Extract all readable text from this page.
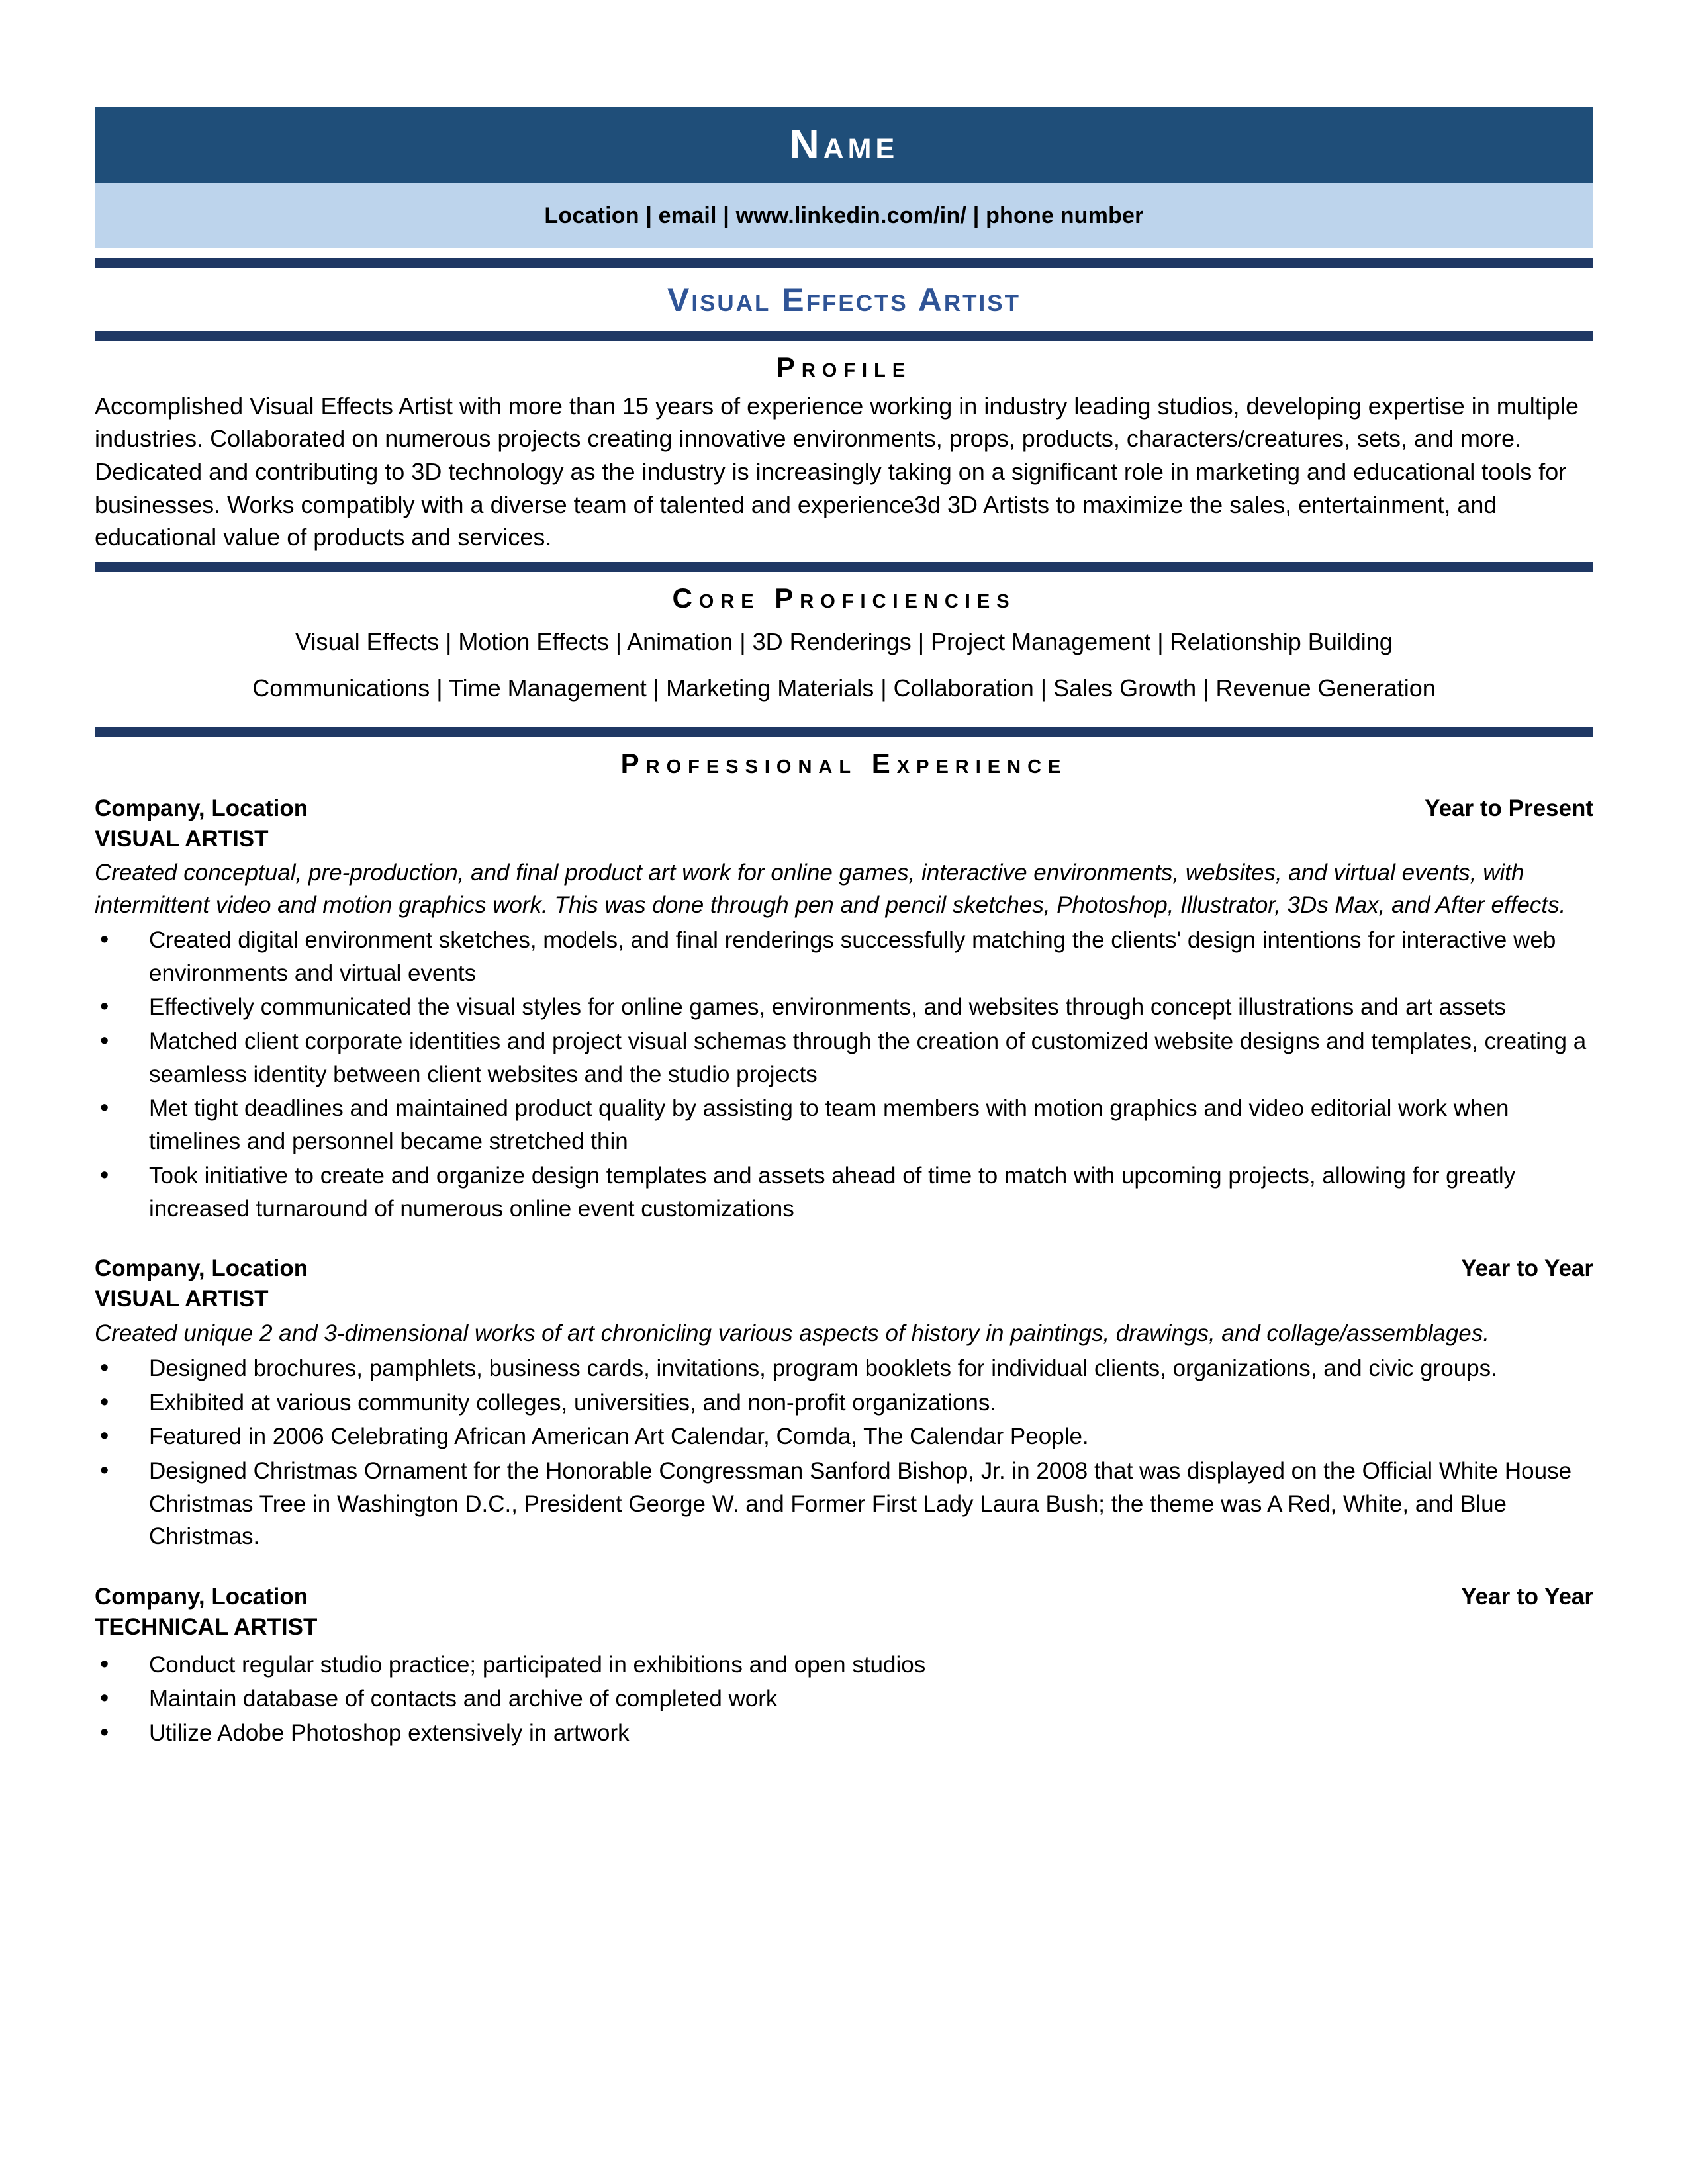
Name
Location | email | www.linkedin.com/in/ | phone number
Visual Effects Artist
Profile
Accomplished Visual Effects Artist with more than 15 years of experience working in industry leading studios, developing expertise in multiple industries. Collaborated on numerous projects creating innovative environments, props, products, characters/creatures, sets, and more. Dedicated and contributing to 3D technology as the industry is increasingly taking on a significant role in marketing and educational tools for businesses. Works compatibly with a diverse team of talented and experience3d 3D Artists to maximize the sales, entertainment, and educational value of products and services.
Core Proficiencies
Visual Effects | Motion Effects | Animation | 3D Renderings | Project Management | Relationship Building
Communications | Time Management | Marketing Materials | Collaboration | Sales Growth | Revenue Generation
Professional Experience
Company, Location	Year to Present
VISUAL ARTIST
Created conceptual, pre-production, and final product art work for online games, interactive environments, websites, and virtual events, with intermittent video and motion graphics work. This was done through pen and pencil sketches, Photoshop, Illustrator, 3Ds Max, and After effects.
• Created digital environment sketches, models, and final renderings successfully matching the clients' design intentions for interactive web environments and virtual events
• Effectively communicated the visual styles for online games, environments, and websites through concept illustrations and art assets
• Matched client corporate identities and project visual schemas through the creation of customized website designs and templates, creating a seamless identity between client websites and the studio projects
• Met tight deadlines and maintained product quality by assisting to team members with motion graphics and video editorial work when timelines and personnel became stretched thin
• Took initiative to create and organize design templates and assets ahead of time to match with upcoming projects, allowing for greatly increased turnaround of numerous online event customizations
Company, Location	Year to Year
VISUAL ARTIST
Created unique 2 and 3-dimensional works of art chronicling various aspects of history in paintings, drawings, and collage/assemblages.
• Designed brochures, pamphlets, business cards, invitations, program booklets for individual clients, organizations, and civic groups.
• Exhibited at various community colleges, universities, and non-profit organizations.
• Featured in 2006 Celebrating African American Art Calendar, Comda, The Calendar People.
• Designed Christmas Ornament for the Honorable Congressman Sanford Bishop, Jr. in 2008 that was displayed on the Official White House Christmas Tree in Washington D.C., President George W. and Former First Lady Laura Bush; the theme was A Red, White, and Blue Christmas.
Company, Location	Year to Year
TECHNICAL ARTIST
• Conduct regular studio practice; participated in exhibitions and open studios
• Maintain database of contacts and archive of completed work
• Utilize Adobe Photoshop extensively in artwork
